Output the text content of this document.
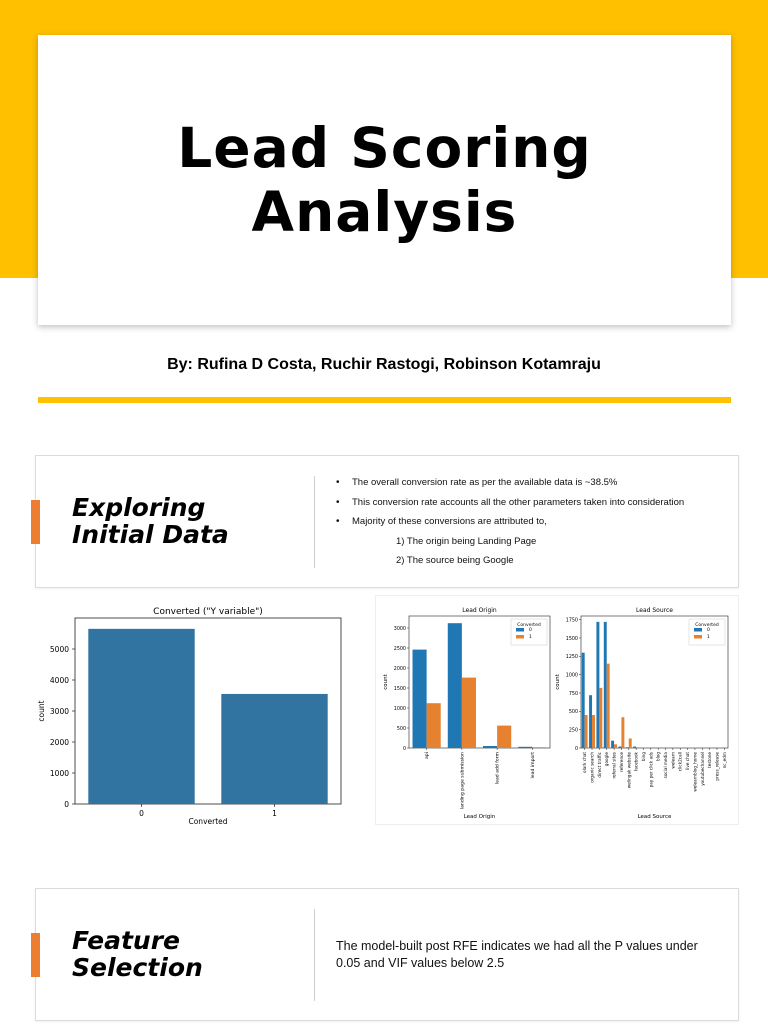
Lead Scoring
Analysis
By: Rufina D Costa, Ruchir Rastogi, Robinson Kotamraju
Exploring
Initial Data
• The overall conversion rate as per the available data is ~38.5%
• This conversion rate accounts all the other parameters taken into consideration
• Majority of these conversions are attributed to,
1) The origin being Landing Page
2) The source being Google
Converted ("Y variable")
0
1000
2000
3000
4000
5000
0	1
Converted
count
Lead Origin
0
500
1000
1500
2000
2500
3000
api	landing page submission	lead add form	lead import
Converted
0
1
Lead Origin
count
Lead Source
0
250
500
750
1000
1250
1500
1750
olark chat organic search direct traffic google referral sites reference welingak website facebook bing pay per click ads blog social media welearn click2call live chat welearnblog_home youtubechannel testone press_release nc_edm
Converted
0
1
Lead Source
count
Feature
Selection
The model-built post RFE indicates we had all the P values under 0.05 and VIF values below 2.5
